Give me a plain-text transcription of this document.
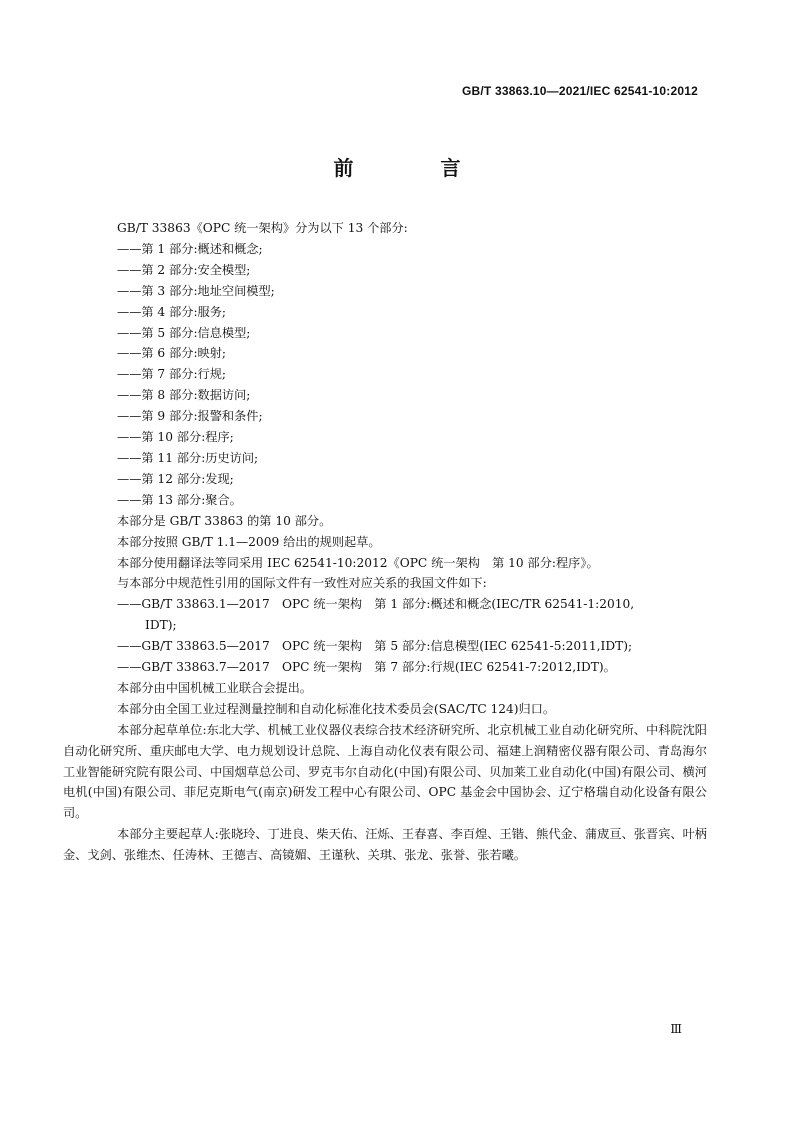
GB/T 33863.10—2021/IEC 62541-10:2012
前 言

GB/T 33863《OPC 统一架构》分为以下 13 个部分:

——第 1 部分:概述和概念;
——第 2 部分:安全模型;
——第 3 部分:地址空间模型;
——第 4 部分:服务;
——第 5 部分:信息模型;
——第 6 部分:映射;
——第 7 部分:行规;
——第 8 部分:数据访问;
——第 9 部分:报警和条件;
——第 10 部分:程序;
——第 11 部分:历史访问;
——第 12 部分:发现;
——第 13 部分:聚合。

本部分是 GB/T 33863 的第 10 部分。

本部分按照 GB/T 1.1—2009 给出的规则起草。

本部分使用翻译法等同采用 IEC 62541-10:2012《OPC 统一架构　第 10 部分:程序》。

与本部分中规范性引用的国际文件有一致性对应关系的我国文件如下:

——GB/T 33863.1—2017　OPC 统一架构　第 1 部分:概述和概念(IEC/TR 62541-1:2010,
IDT);
——GB/T 33863.5—2017　OPC 统一架构　第 5 部分:信息模型(IEC 62541-5:2011,IDT);
——GB/T 33863.7—2017　OPC 统一架构　第 7 部分:行规(IEC 62541-7:2012,IDT)。

本部分由中国机械工业联合会提出。

本部分由全国工业过程测量控制和自动化标准化技术委员会(SAC/TC 124)归口。

本部分起草单位:东北大学、机械工业仪器仪表综合技术经济研究所、北京机械工业自动化研究所、中科院沈阳自动化研究所、重庆邮电大学、电力规划设计总院、上海自动化仪表有限公司、福建上润精密仪器有限公司、青岛海尔工业智能研究院有限公司、中国烟草总公司、罗克韦尔自动化(中国)有限公司、贝加莱工业自动化(中国)有限公司、横河电机(中国)有限公司、菲尼克斯电气(南京)研发工程中心有限公司、OPC 基金会中国协会、辽宁格瑞自动化设备有限公司。

本部分主要起草人:张晓玲、丁进良、柴天佑、汪烁、王春喜、李百煌、王锴、熊代金、蒲宬亘、张晋宾、叶柄金、戈剑、张维杰、任涛林、王德吉、高镜媚、王谨秋、关琪、张龙、张誉、张若曦。

Ⅲ
